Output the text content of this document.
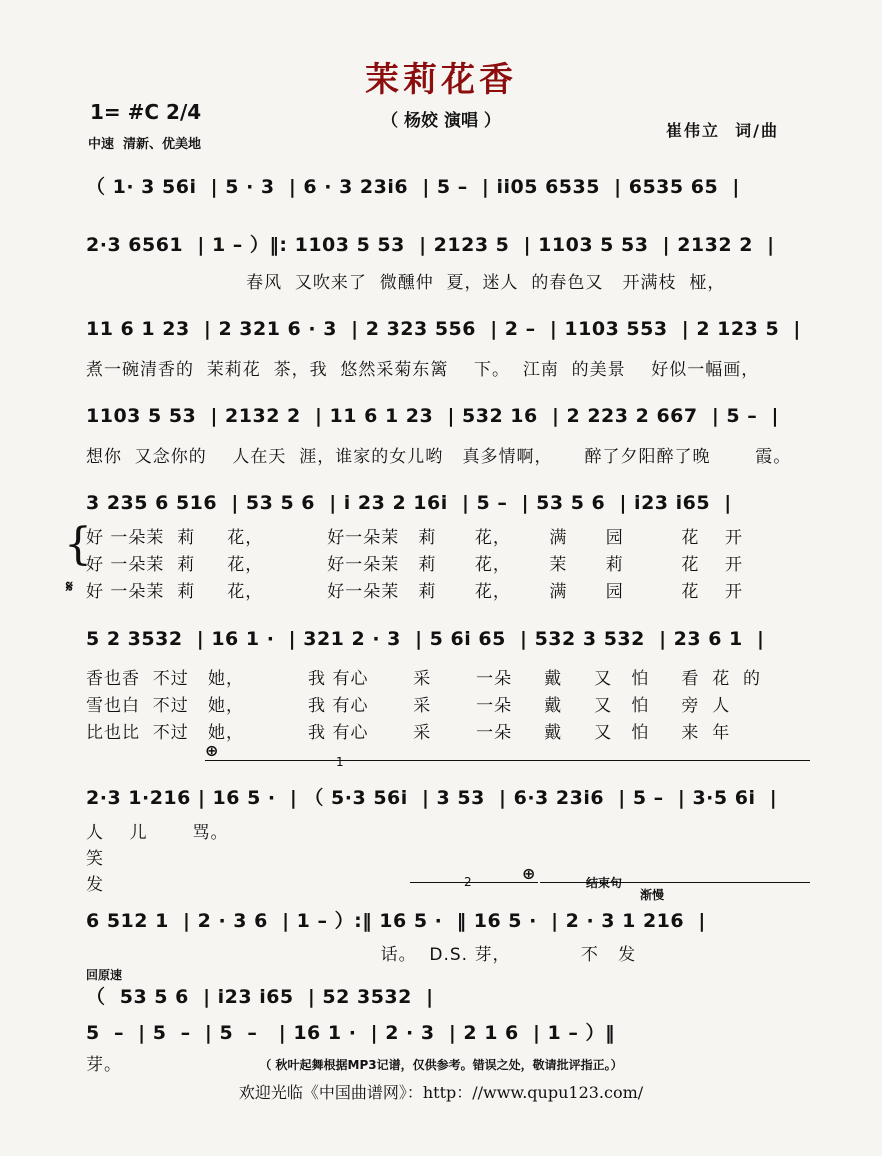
茉莉花香
（ 杨姣 演唱 ）
1= #C 2/4
中速  清新、优美地
崔伟立  词/曲
（ 1· 3 56i  | 5 · 3  | 6 · 3 23i6  | 5 –  | ii05 6535  | 6535 65  |
2·3 6561  | 1 – ）‖: 1103 5 53  | 2123 5  | 1103 5 53  | 2132 2  |
春风  又吹来了  微醺仲  夏，迷人  的春色又   开满枝  桠，
11 6 1 23  | 2 321 6 · 3  | 2 323 556  | 2 –  | 1103 553  | 2 123 5  |
煮一碗清香的  茉莉花  茶，我  悠然采菊东篱    下。  江南  的美景    好似一幅画，
1103 5 53  | 2132 2  | 11 6 1 23  | 532 16  | 2 223 2 667  | 5 –  |
想你  又念你的    人在天  涯，谁家的女儿哟   真多情啊，     醉了夕阳醉了晚       霞。
3 235 6 516  | 53 5 6  | i 23 2 16i  | 5 –  | 53 5 6  | i23 i65  |
{
𝄋
好 一朵茉  莉     花，          好一朵茉   莉      花，      满      园         花    开
好 一朵茉  莉     花，          好一朵茉   莉      花，      茉      莉         花    开
好 一朵茉  莉     花，          好一朵茉   莉      花，      满      园         花    开
5 2 3532  | 16 1 ·  | 321 2 · 3  | 5 6i 65  | 532 3 532  | 23 6 1  |
香也香  不过   她，          我 有心       采       一朵     戴     又   怕     看  花  的
雪也白  不过   她，          我 有心       采       一朵     戴     又   怕     旁  人
比也比  不过   她，          我 有心       采       一朵     戴     又   怕     来  年
⊕
1
2·3 1·216 | 16 5 ·  | （ 5·3 56i  | 3 53  | 6·3 23i6  | 5 –  | 3·5 6i  |
人    儿       骂。
笑
发	2	⊕	结束句
渐慢
6 512 1  | 2 · 3 6  | 1 – ）:‖ 16 5 ·  ‖ 16 5 ·  | 2 · 3 1 216  |
话。  D.S. 芽，           不   发
回原速
（  53 5 6  | i23 i65  | 52 3532  |
5  –  | 5  –  | 5  –   | 16 1 ·  | 2 · 3  | 2 1 6  | 1 – ）‖
芽。	（ 秋叶起舞根据MP3记谱，仅供参考。错误之处，敬请批评指正。）
欢迎光临《中国曲谱网》：http：//www.qupu123.com/
